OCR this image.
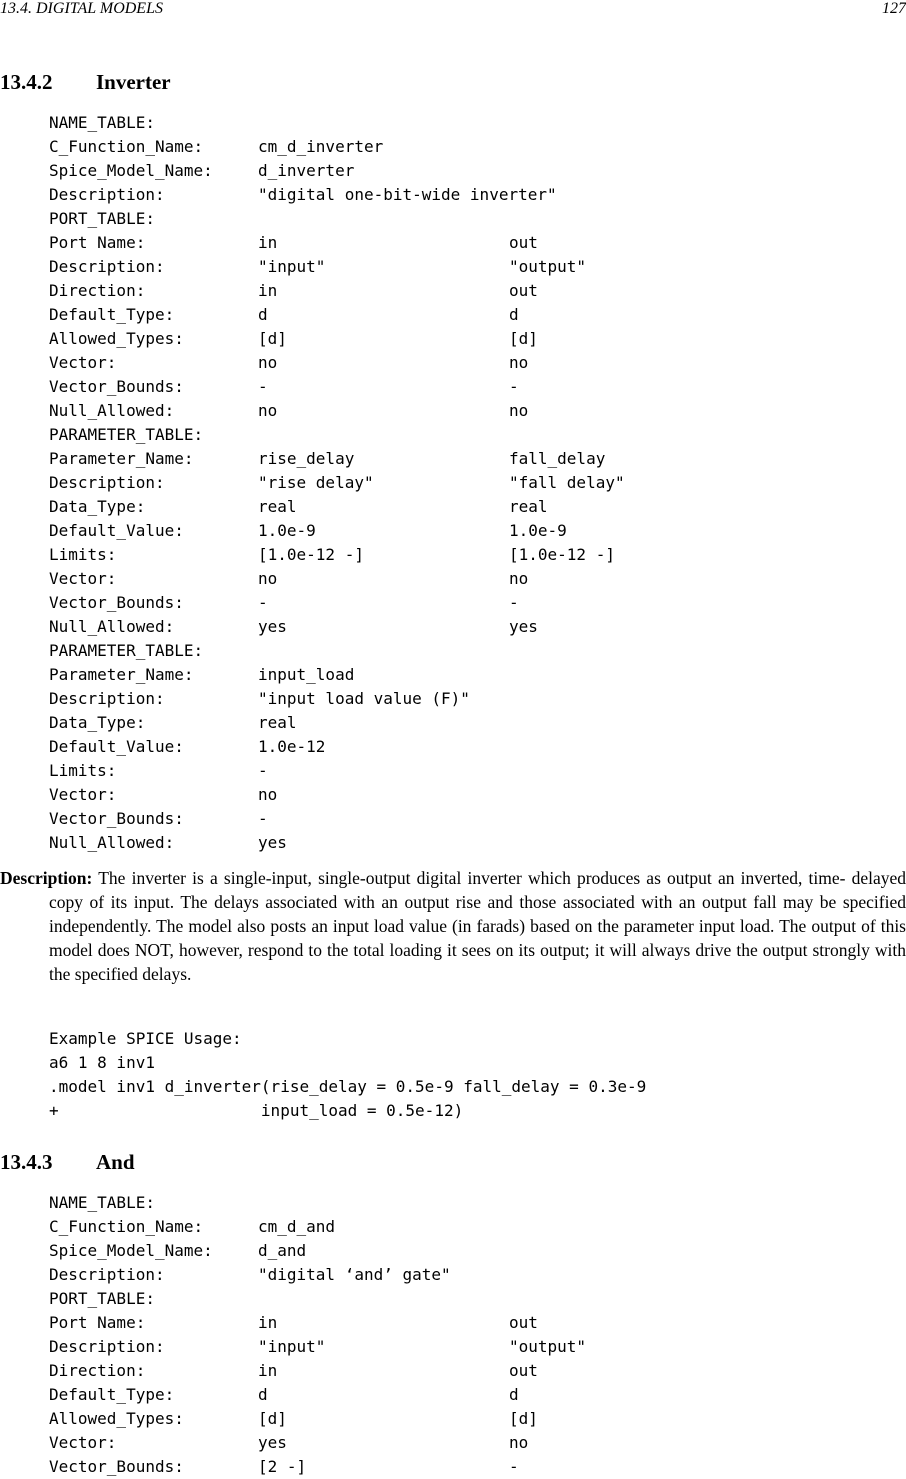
13.4. DIGITAL MODELS	127
13.4.2 Inverter
NAME_TABLE:
C_Function_Name:	cm_d_inverter
Spice_Model_Name:	d_inverter
Description:	"digital one-bit-wide inverter"
PORT_TABLE:
Port Name:	in	out
Description:	"input"	"output"
Direction:	in	out
Default_Type:	d	d
Allowed_Types:	[d]	[d]
Vector:	no	no
Vector_Bounds:	-	-
Null_Allowed:	no	no
PARAMETER_TABLE:
Parameter_Name:	rise_delay	fall_delay
Description:	"rise delay"	"fall delay"
Data_Type:	real	real
Default_Value:	1.0e-9	1.0e-9
Limits:	[1.0e-12 -]	[1.0e-12 -]
Vector:	no	no
Vector_Bounds:	-	-
Null_Allowed:	yes	yes
PARAMETER_TABLE:
Parameter_Name:	input_load
Description:	"input load value (F)"
Data_Type:	real
Default_Value:	1.0e-12
Limits:	-
Vector:	no
Vector_Bounds:	-
Null_Allowed:	yes

Description: The inverter is a single-input, single-output digital inverter which produces as output an inverted, time- delayed copy of its input. The delays associated with an output rise and those associated with an output fall may be specified independently. The model also posts an input load value (in farads) based on the parameter input load. The output of this model does NOT, however, respond to the total loading it sees on its output; it will always drive the output strongly with the specified delays.

Example SPICE Usage:
a6 1 8 inv1
.model inv1 d_inverter(rise_delay = 0.5e-9 fall_delay = 0.3e-9
+                     input_load = 0.5e-12)
13.4.3 And
NAME_TABLE:
C_Function_Name:	cm_d_and
Spice_Model_Name:	d_and
Description:	"digital ‘and’ gate"
PORT_TABLE:
Port Name:	in	out
Description:	"input"	"output"
Direction:	in	out
Default_Type:	d	d
Allowed_Types:	[d]	[d]
Vector:	yes	no
Vector_Bounds:	[2 -]	-
